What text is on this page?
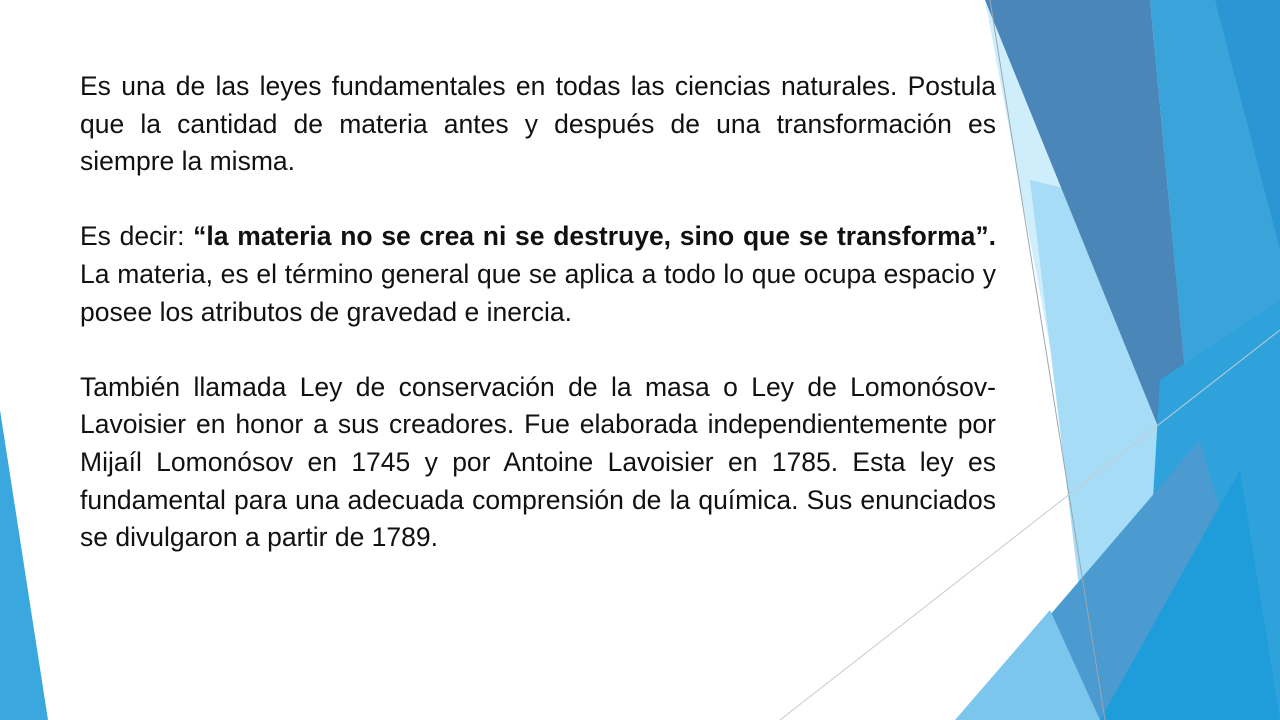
Es una de las leyes fundamentales en todas las ciencias naturales. Postula que la cantidad de materia antes y después de una transformación es siempre la misma.

Es decir: “la materia no se crea ni se destruye, sino que se transforma”. La materia, es el término general que se aplica a todo lo que ocupa espacio y posee los atributos de gravedad e inercia.

También llamada Ley de conservación de la masa o Ley de Lomonósov-Lavoisier en honor a sus creadores. Fue elaborada independientemente por Mijaíl Lomonósov en 1745 y por Antoine Lavoisier en 1785. Esta ley es fundamental para una adecuada comprensión de la química. Sus enunciados se divulgaron a partir de 1789.
